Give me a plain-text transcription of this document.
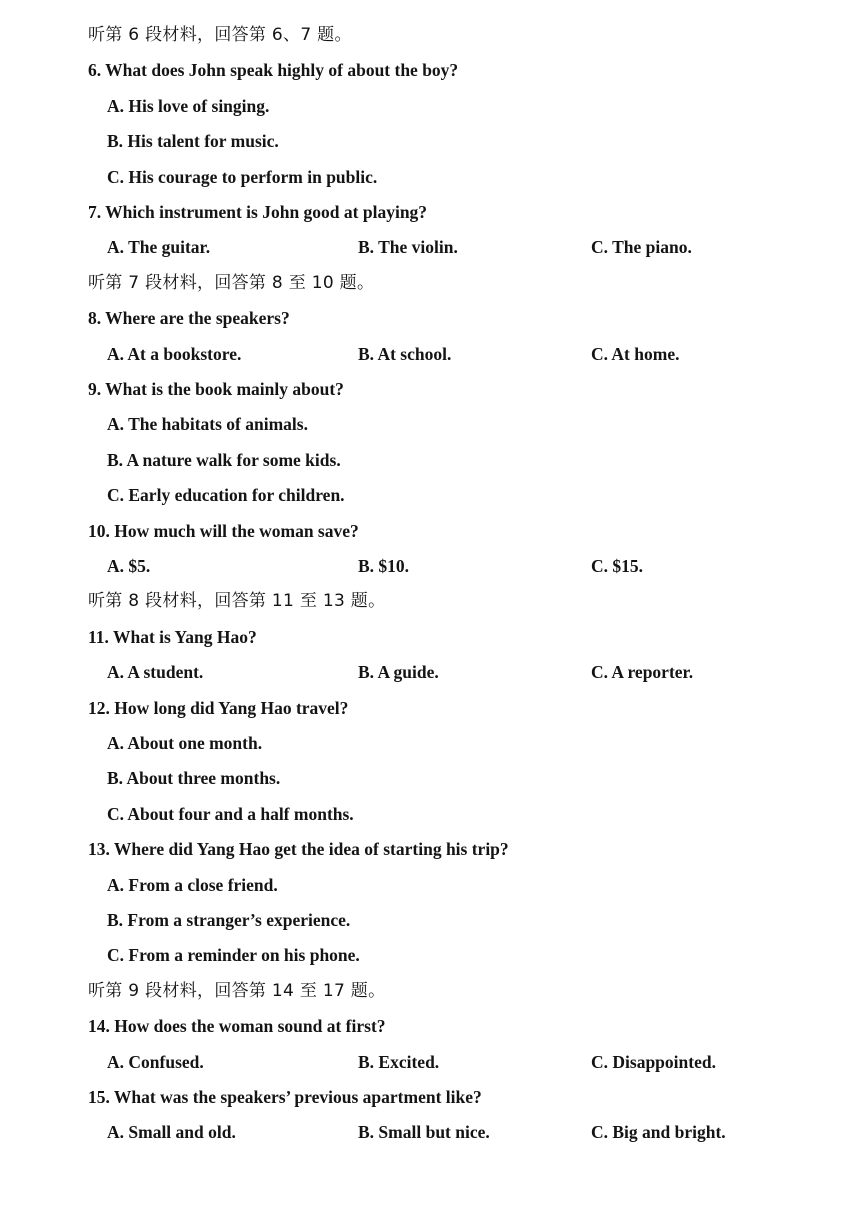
听第 6 段材料，回答第 6、7 题。
6. What does John speak highly of about the boy?
A. His love of singing.
B. His talent for music.
C. His courage to perform in public.
7. Which instrument is John good at playing?
A. The guitar.	B. The violin.	C. The piano.
听第 7 段材料，回答第 8 至 10 题。
8. Where are the speakers?
A. At a bookstore.	B. At school.	C. At home.
9. What is the book mainly about?
A. The habitats of animals.
B. A nature walk for some kids.
C. Early education for children.
10. How much will the woman save?
A. $5.	B. $10.	C. $15.
听第 8 段材料，回答第 11 至 13 题。
11. What is Yang Hao?
A. A student.	B. A guide.	C. A reporter.
12. How long did Yang Hao travel?
A. About one month.
B. About three months.
C. About four and a half months.
13. Where did Yang Hao get the idea of starting his trip?
A. From a close friend.
B. From a stranger’s experience.
C. From a reminder on his phone.
听第 9 段材料，回答第 14 至 17 题。
14. How does the woman sound at first?
A. Confused.	B. Excited.	C. Disappointed.
15. What was the speakers’ previous apartment like?
A. Small and old.	B. Small but nice.	C. Big and bright.
